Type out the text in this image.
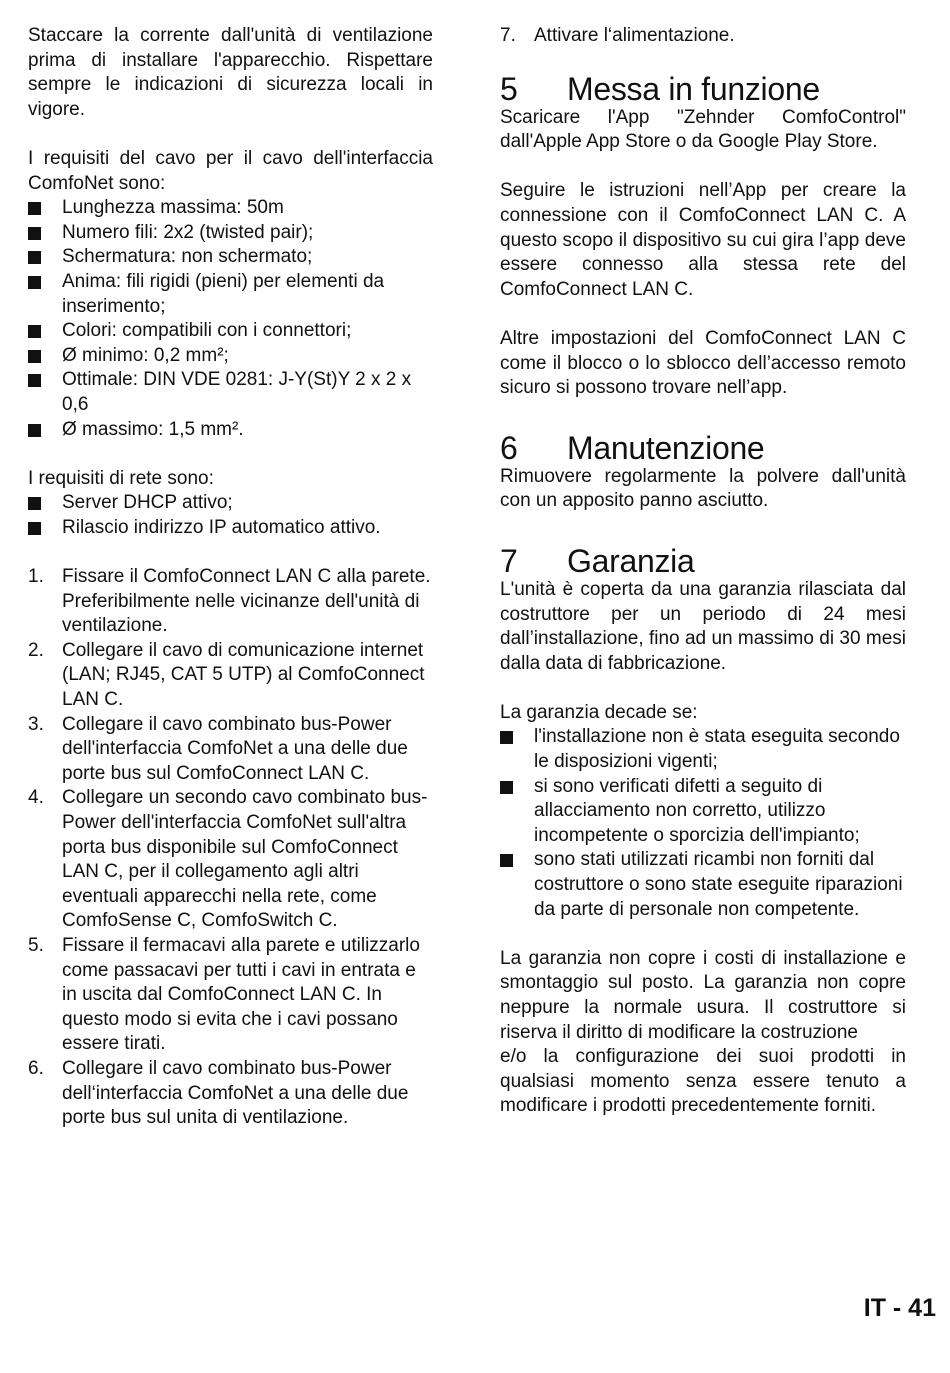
Staccare la corrente dall'unità di ventilazione prima di installare l'apparecchio. Rispettare sempre le indicazioni di sicurezza locali in vigore.

I requisiti del cavo per il cavo dell'interfaccia ComfoNet sono:

Lunghezza massima: 50m
Numero fili: 2x2 (twisted pair);
Schermatura: non schermato;
Anima: fili rigidi (pieni) per elementi da inserimento;
Colori: compatibili con i connettori;
Ø minimo: 0,2 mm²;
Ottimale: DIN VDE 0281: J-Y(St)Y 2 x 2 x 0,6
Ø massimo: 1,5 mm².

I requisiti di rete sono:

Server DHCP attivo;
Rilascio indirizzo IP automatico attivo.
1. Fissare il ComfoConnect LAN C alla parete. Preferibilmente nelle vicinanze dell'unità di ventilazione.
2. Collegare il cavo di comunicazione internet (LAN; RJ45, CAT 5 UTP) al ComfoConnect LAN C.
3. Collegare il cavo combinato bus-Power dell'interfaccia ComfoNet a una delle due porte bus sul ComfoConnect LAN C.
4. Collegare un secondo cavo combinato bus-Power dell'interfaccia ComfoNet sull'altra porta bus disponibile sul ComfoConnect LAN C, per il collegamento agli altri eventuali apparecchi nella rete, come ComfoSense C, ComfoSwitch C.
5. Fissare il fermacavi alla parete e utilizzarlo come passacavi per tutti i cavi in entrata e in uscita dal ComfoConnect LAN C. In questo modo si evita che i cavi possano essere tirati.
6. Collegare il cavo combinato bus-Power dell‘interfaccia ComfoNet a una delle due porte bus sul unita di ventilazione.
7. Attivare l‘alimentazione.
5 Messa in funzione

Scaricare l'App "Zehnder ComfoControl" dall'Apple App Store o da Google Play Store.

Seguire le istruzioni nell’App per creare la connessione con il ComfoConnect LAN C. A questo scopo il dispositivo su cui gira l’app deve essere connesso alla stessa rete del ComfoConnect LAN C.

Altre impostazioni del ComfoConnect LAN C come il blocco o lo sblocco dell’accesso remoto sicuro si possono trovare nell’app.

6 Manutenzione

Rimuovere regolarmente la polvere dall'unità con un apposito panno asciutto.

7 Garanzia

L'unità è coperta da una garanzia rilasciata dal costruttore per un periodo di 24 mesi dall’installazione, fino ad un massimo di 30 mesi dalla data di fabbricazione.

La garanzia decade se:

l'installazione non è stata eseguita secondo le disposizioni vigenti;
si sono verificati difetti a seguito di allacciamento non corretto, utilizzo incompetente o sporcizia dell'impianto;
sono stati utilizzati ricambi non forniti dal costruttore o sono state eseguite riparazioni da parte di personale non competente.

La garanzia non copre i costi di installazione e smontaggio sul posto. La garanzia non copre neppure la normale usura. Il costruttore si riserva il diritto di modificare la costruzione

e/o la configurazione dei suoi prodotti in qualsiasi momento senza essere tenuto a modificare i prodotti precedentemente forniti.

IT - 41
